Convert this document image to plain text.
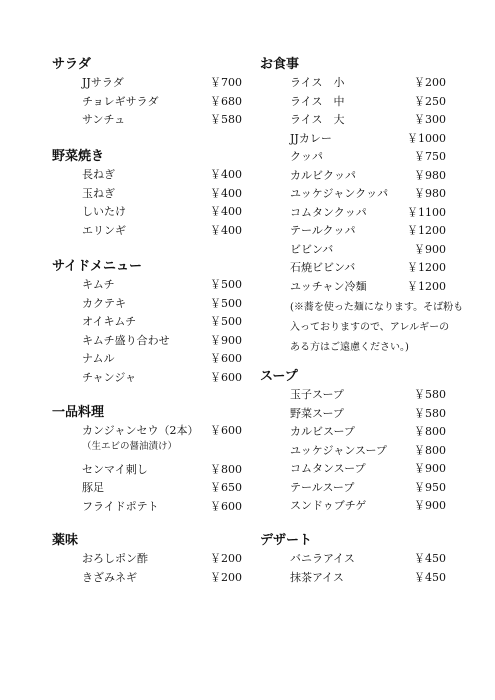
サラダ
JJサラダ	￥700
チョレギサラダ	￥680
サンチュ	￥580
野菜焼き
長ねぎ	￥400
玉ねぎ	￥400
しいたけ	￥400
エリンギ	￥400
サイドメニュー
キムチ	￥500
カクテキ	￥500
オイキムチ	￥500
キムチ盛り合わせ	￥900
ナムル	￥600
チャンジャ	￥600
一品料理
カンジャンセウ（2本） ￥600
（生エビの醤油漬け）
センマイ刺し	￥800
豚足	￥650
フライドポテト	￥600
薬味
おろしポン酢	￥200
きざみネギ	￥200
お食事
ライス　小	￥200
ライス　中	￥250
ライス　大	￥300
JJカレー	￥1000
クッパ	￥750
カルビクッパ	￥980
ユッケジャンクッパ ￥980
コムタンクッパ	￥1100
テールクッパ	￥1200
ビビンバ	￥900
石焼ビビンバ	￥1200
ユッチャン冷麺	￥1200
(※蕎を使った麺になります。そば粉も
入っておりますので、アレルギーの
ある方はご遠慮ください。)
スープ
玉子スープ	￥580
野菜スープ	￥580
カルビスープ	￥800
ユッケジャンスープ ￥800
コムタンスープ	￥900
テールスープ	￥950
スンドゥブチゲ	￥900
デザート
バニラアイス	￥450
抹茶アイス	￥450
